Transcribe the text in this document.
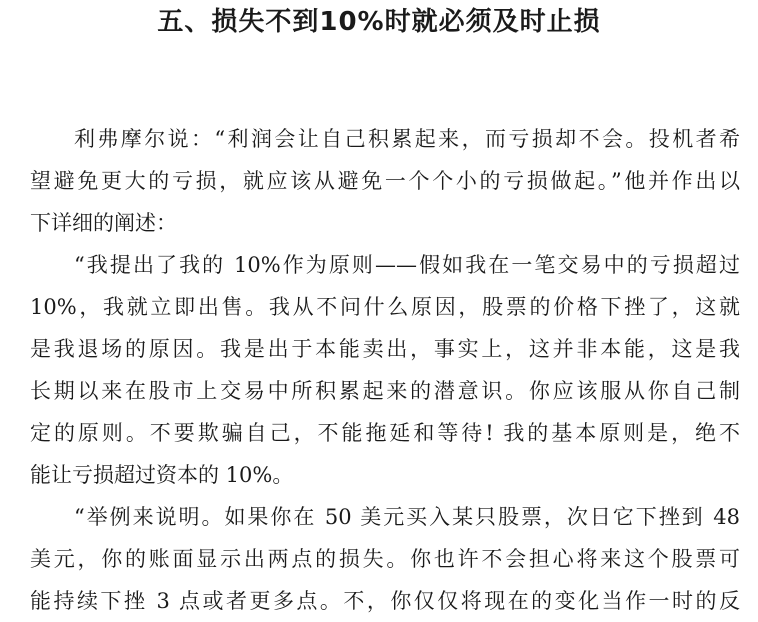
五、损失不到10%时就必须及时止损
利弗摩尔说：“利润会让自己积累起来，而亏损却不会。投机者希
望避免更大的亏损，就应该从避免一个个小的亏损做起。”他并作出以
下详细的阐述：
“我提出了我的 10%作为原则——假如我在一笔交易中的亏损超过
10%，我就立即出售。我从不问什么原因，股票的价格下挫了，这就
是我退场的原因。我是出于本能卖出，事实上，这并非本能，这是我
长期以来在股市上交易中所积累起来的潜意识。你应该服从你自己制
定的原则。不要欺骗自己，不能拖延和等待! 我的基本原则是，绝不
能让亏损超过资本的 10%。
“举例来说明。如果你在 50 美元买入某只股票，次日它下挫到 48
美元，你的账面显示出两点的损失。你也许不会担心将来这个股票可
能持续下挫 3 点或者更多点。不，你仅仅将现在的变化当作一时的反
